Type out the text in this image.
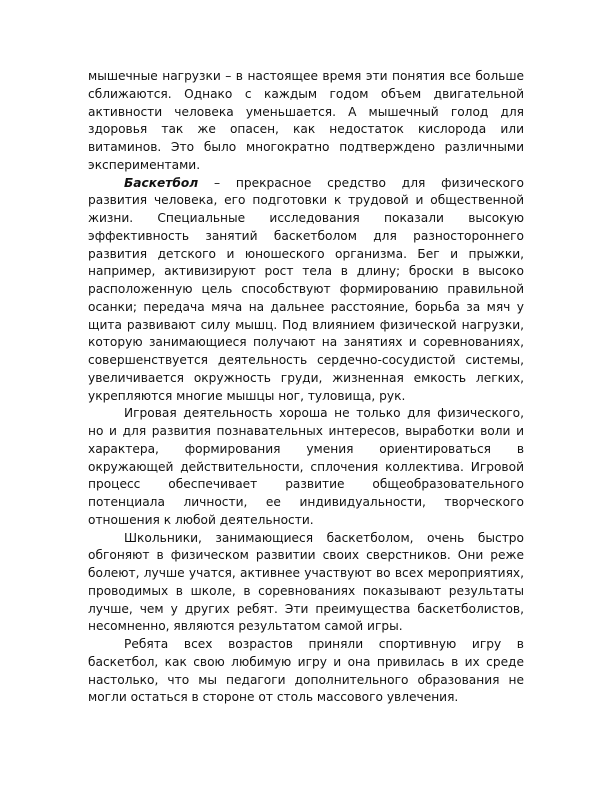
мышечные нагрузки – в настоящее время эти понятия все больше сближаются. Однако с каждым годом объем двигательной активности человека уменьшается. А мышечный голод для здоровья так же опасен, как недостаток кислорода или витаминов. Это было многократно подтверждено различными экспериментами.

Баскетбол – прекрасное средство для физического развития человека, его подготовки к трудовой и общественной жизни. Специальные исследования показали высокую эффективность занятий баскетболом для разностороннего развития детского и юношеского организма. Бег и прыжки, например, активизируют рост тела в длину; броски в высоко расположенную цель способствуют формированию правильной осанки; передача мяча на дальнее расстояние, борьба за мяч у щита развивают силу мышц. Под влиянием физической нагрузки, которую занимающиеся получают на занятиях и соревнованиях, совершенствуется деятельность сердечно-сосудистой системы, увеличивается окружность груди, жизненная емкость легких, укрепляются многие мышцы ног, туловища, рук.

Игровая деятельность хороша не только для физического, но и для развития познавательных интересов, выработки воли и характера, формирования умения ориентироваться в окружающей действительности, сплочения коллектива. Игровой процесс обеспечивает развитие общеобразовательного потенциала личности, ее индивидуальности, творческого отношения к любой деятельности.

Школьники, занимающиеся баскетболом, очень быстро обгоняют в физическом развитии своих сверстников. Они реже болеют, лучше учатся, активнее участвуют во всех мероприятиях, проводимых в школе, в соревнованиях показывают результаты лучше, чем у других ребят. Эти преимущества баскетболистов, несомненно, являются результатом самой игры.

Ребята всех возрастов приняли спортивную игру в баскетбол, как свою любимую игру и она привилась в их среде настолько, что мы педагоги дополнительного образования не могли остаться в стороне от столь массового увлечения.
